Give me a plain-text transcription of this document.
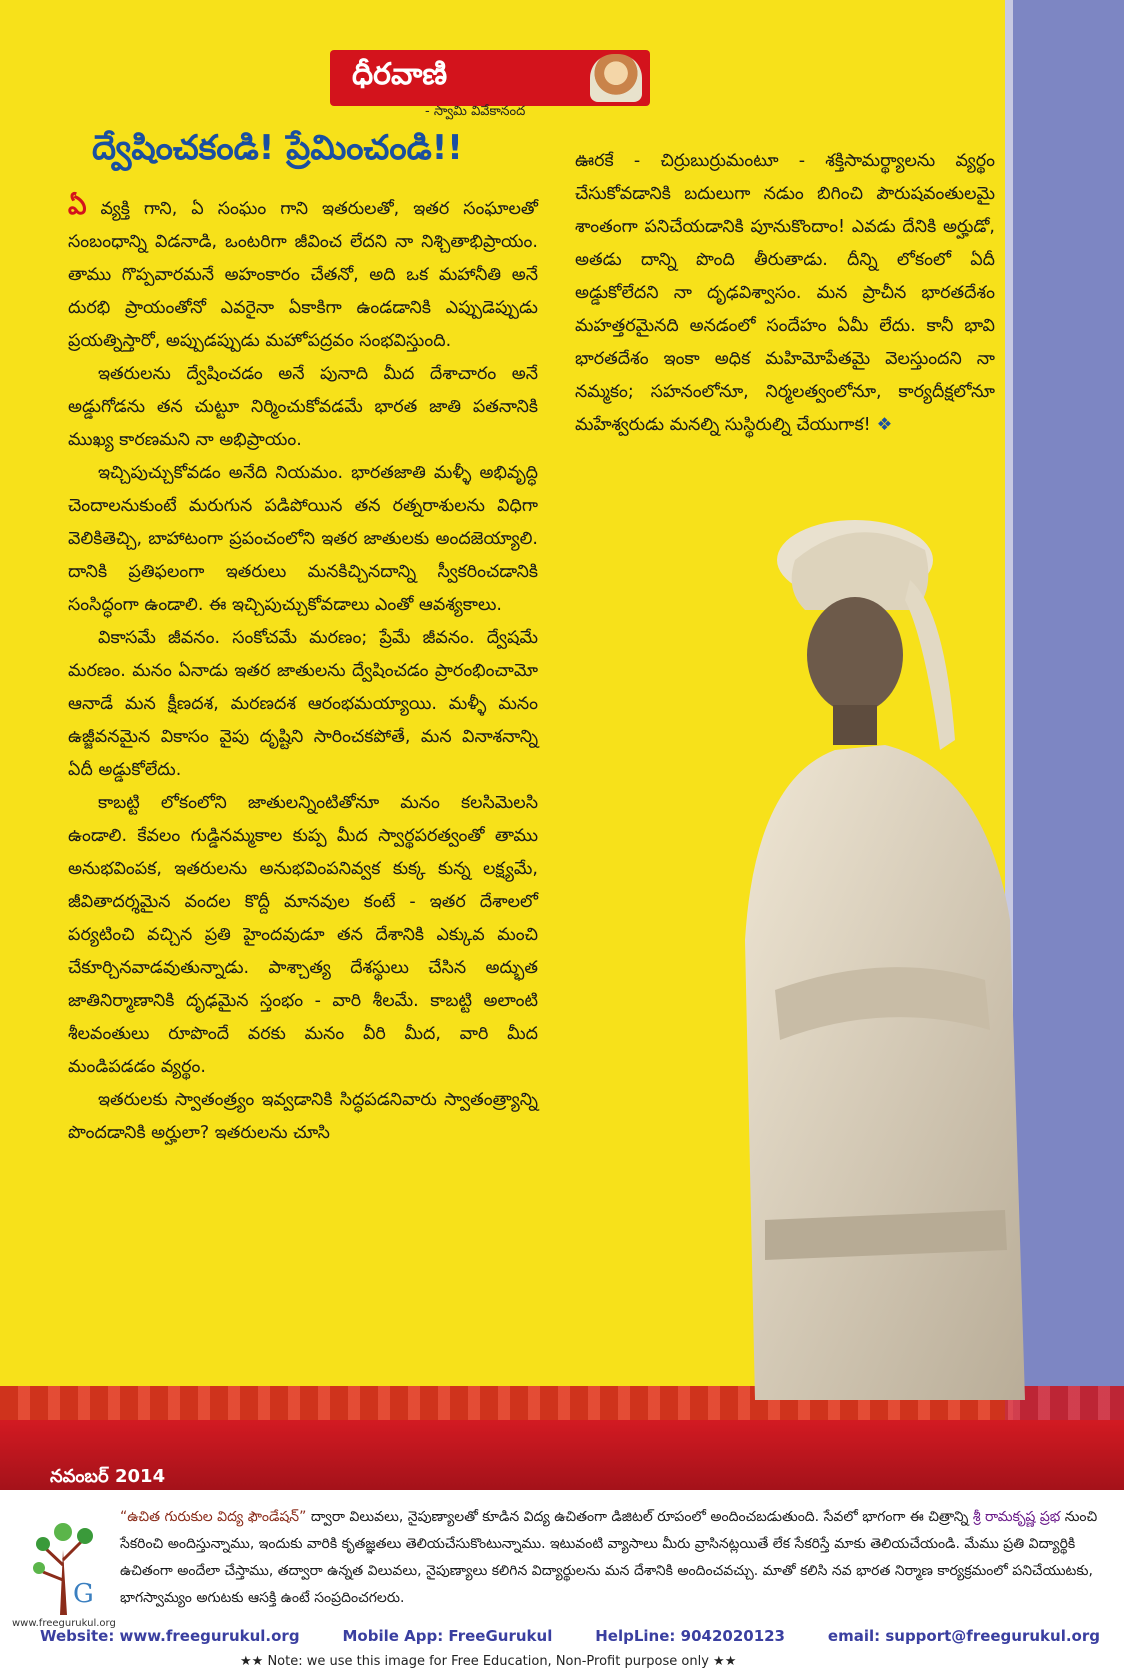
ధీరవాణి
- స్వామి వివేకానంద
ద్వేషించకండి! ప్రేమించండి!!

ఏ వ్యక్తి గాని, ఏ సంఘం గాని ఇతరులతో, ఇతర సంఘాలతో సంబంధాన్ని విడనాడి, ఒంటరిగా జీవించ లేదని నా నిశ్చితాభిప్రాయం. తాము గొప్పవారమనే అహంకారం చేతనో, అది ఒక మహానీతి అనే దురభి ప్రాయంతోనో ఎవరైనా ఏకాకిగా ఉండడానికి ఎప్పుడెప్పుడు ప్రయత్నిస్తారో, అప్పుడప్పుడు మహోపద్రవం సంభవిస్తుంది.

ఇతరులను ద్వేషించడం అనే పునాది మీద దేశాచారం అనే అడ్డుగోడను తన చుట్టూ నిర్మించుకోవడమే భారత జాతి పతనానికి ముఖ్య కారణమని నా అభిప్రాయం.

ఇచ్చిపుచ్చుకోవడం అనేది నియమం. భారతజాతి మళ్ళీ అభివృద్ధి చెందాలనుకుంటే మరుగున పడిపోయిన తన రత్నరాశులను విధిగా వెలికితెచ్చి, బాహాటంగా ప్రపంచంలోని ఇతర జాతులకు అందజెయ్యాలి. దానికి ప్రతిఫలంగా ఇతరులు మనకిచ్చినదాన్ని స్వీకరించడానికి సంసిద్ధంగా ఉండాలి. ఈ ఇచ్చిపుచ్చుకోవడాలు ఎంతో ఆవశ్యకాలు.

వికాసమే జీవనం. సంకోచమే మరణం; ప్రేమే జీవనం. ద్వేషమే మరణం. మనం ఏనాడు ఇతర జాతులను ద్వేషించడం ప్రారంభించామో ఆనాడే మన క్షీణదశ, మరణదశ ఆరంభమయ్యాయి. మళ్ళీ మనం ఉజ్జీవనమైన వికాసం వైపు దృష్టిని సారించకపోతే, మన వినాశనాన్ని ఏదీ అడ్డుకోలేదు.

కాబట్టి లోకంలోని జాతులన్నింటితోనూ మనం కలసిమెలసి ఉండాలి. కేవలం గుడ్డినమ్మకాల కుప్ప మీద స్వార్థపరత్వంతో తాము అనుభవింపక, ఇతరులను అనుభవింపనివ్వక కుక్క కున్న లక్ష్యమే, జీవితాదర్శమైన వందల కొద్దీ మానవుల కంటే - ఇతర దేశాలలో పర్యటించి వచ్చిన ప్రతి హైందవుడూ తన దేశానికి ఎక్కువ మంచి చేకూర్చినవాడవుతున్నాడు. పాశ్చాత్య దేశస్థులు చేసిన అద్భుత జాతినిర్మాణానికి దృఢమైన స్తంభం - వారి శీలమే. కాబట్టి అలాంటి శీలవంతులు రూపొందే వరకు మనం వీరి మీద, వారి మీద మండిపడడం వ్యర్థం.

ఇతరులకు స్వాతంత్ర్యం ఇవ్వడానికి సిద్ధపడనివారు స్వాతంత్ర్యాన్ని పొందడానికి అర్హులా? ఇతరులను చూసి

ఊరకే - చిర్రుబుర్రుమంటూ - శక్తిసామర్థ్యాలను వ్యర్థం చేసుకోవడానికి బదులుగా నడుం బిగించి పౌరుషవంతులమై శాంతంగా పనిచేయడానికి పూనుకొందాం! ఎవడు దేనికి అర్హుడో, అతడు దాన్ని పొంది తీరుతాడు. దీన్ని లోకంలో ఏదీ అడ్డుకోలేదని నా దృఢవిశ్వాసం. మన ప్రాచీన భారతదేశం మహత్తరమైనది అనడంలో సందేహం ఏమీ లేదు. కానీ భావి భారతదేశం ఇంకా అధిక మహిమోపేతమై వెలస్తుందని నా నమ్మకం; సహనంలోనూ, నిర్మలత్వంలోనూ, కార్యదీక్షలోనూ మహేశ్వరుడు మనల్ని సుస్థిరుల్ని చేయుగాక! ❖

నవంబర్ 2014
G
www.freegurukul.org
“ఉచిత గురుకుల విద్య ఫౌండేషన్” ద్వారా విలువలు, నైపుణ్యాలతో కూడిన విద్య ఉచితంగా డిజిటల్ రూపంలో అందించబడుతుంది. సేవలో భాగంగా ఈ చిత్రాన్ని శ్రీ రామకృష్ణ ప్రభ నుంచి సేకరించి అందిస్తున్నాము, ఇందుకు వారికి కృతజ్ఞతలు తెలియచేసుకొంటున్నాము. ఇటువంటి వ్యాసాలు మీరు వ్రాసినట్లయితే లేక సేకరిస్తే మాకు తెలియచేయండి. మేము ప్రతి విద్యార్థికి ఉచితంగా అందేలా చేస్తాము, తద్వారా ఉన్నత విలువలు, నైపుణ్యాలు కలిగిన విద్యార్థులను మన దేశానికి అందించవచ్చు. మాతో కలిసి నవ భారత నిర్మాణ కార్యక్రమంలో పనిచేయుటకు, భాగస్వామ్యం అగుటకు ఆసక్తి ఉంటే సంప్రదించగలరు.
Website: www.freegurukul.org	Mobile App: FreeGurukul	HelpLine: 9042020123	email: support@freegurukul.org
★★ Note: we use this image for Free Education, Non-Profit purpose only ★★
